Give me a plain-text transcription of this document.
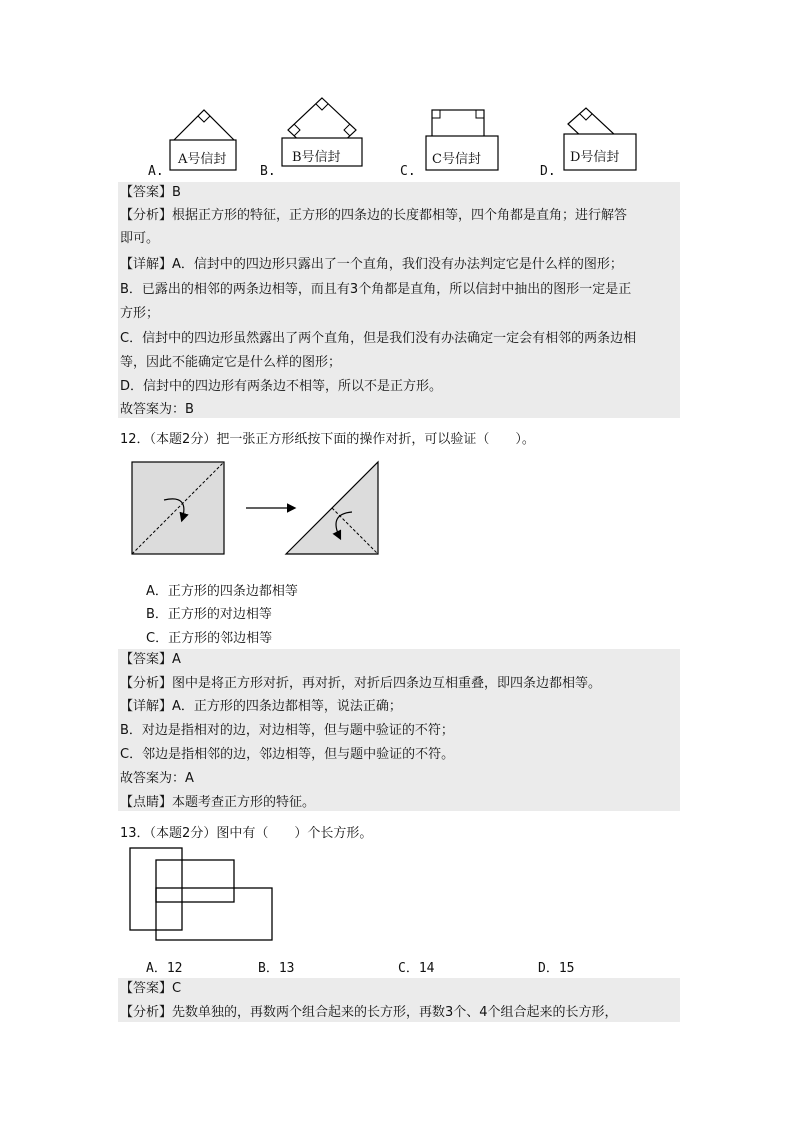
A.
A号信封
B.
B号信封
C.
C号信封
D.
D号信封
【答案】B
【分析】根据正方形的特征，正方形的四条边的长度都相等，四个角都是直角；进行解答
即可。
【详解】A．信封中的四边形只露出了一个直角，我们没有办法判定它是什么样的图形；
B．已露出的相邻的两条边相等，而且有3个角都是直角，所以信封中抽出的图形一定是正
方形；
C．信封中的四边形虽然露出了两个直角，但是我们没有办法确定一定会有相邻的两条边相
等，因此不能确定它是什么样的图形；
D．信封中的四边形有两条边不相等，所以不是正方形。
故答案为：B
12．（本题2分）把一张正方形纸按下面的操作对折，可以验证（　　）。
A．正方形的四条边都相等
B．正方形的对边相等
C．正方形的邻边相等
【答案】A
【分析】图中是将正方形对折，再对折，对折后四条边互相重叠，即四条边都相等。
【详解】A．正方形的四条边都相等，说法正确；
B．对边是指相对的边，对边相等，但与题中验证的不符；
C．邻边是指相邻的边，邻边相等，但与题中验证的不符。
故答案为：A
【点睛】本题考查正方形的特征。
13．（本题2分）图中有（　　）个长方形。
A．12	B．13	C．14	D．15
【答案】C
【分析】先数单独的，再数两个组合起来的长方形，再数3个、4个组合起来的长方形，
